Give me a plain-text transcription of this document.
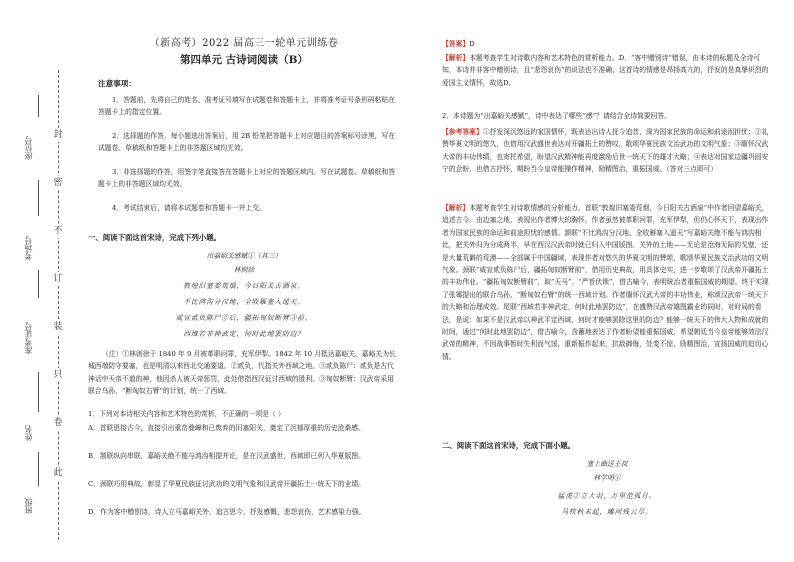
封
密
不
订
装
只
卷
此
座位号
考场号
准考证号
姓名
班级
（新高考）2022 届高三一轮单元训练卷
第四单元 古诗词阅读（B）
注意事项：
1．答题前，先将自己的姓名、准考证号填写在试题卷和答题卡上，并将准考证号条形码粘贴在答题卡上的指定位置。
2．选择题的作答，每小题选出答案后，用 2B 铅笔把答题卡上对应题目的答案标号涂黑，写在试题卷、草稿纸和答题卡上的非答题区域均无效。
3．非选择题的作答，用签字笔直接答在答题卡上对应的答题区域内。写在试题卷、草稿纸和答题卡上的非答题区域均无效。
4．考试结束后，请将本试题卷和答题卡一并上交。
一、阅读下面这首宋诗，完成下列小题。
出嘉峪关感赋①（其三）
林则徐
敦煌旧塞委荒烟，今日阳关古酒泉。
不比鸿沟分汉地，全收雁塞入遥天。
威宣贰负陈尸②后，疆拓匈奴断臂③前。
西域若非神武定，何时此地罢防边？
（注）①林则徐于 1840 年 9 月被革职问罪，充军伊犁。1842 年 10 月抵达嘉峪关，嘉峪关为长城西端防守要塞，也是明清以来西北交通要道。②贰负，代指关外西域之地。③贰负陈尸：贰负是古代神话中天帝不道的神，他因杀人被天帝惩罚，此处借指西汉征讨西域的胜利。③匈奴断臂：汉武帝采用联合乌孙、“断匈奴右臂”的计划，统一了西域。
1．下列对本诗相关内容和艺术特色的赏析，不正确的一项是（ ）
A．首联思接古今，直接引出重峦叠嶂和已废弃的旧塞阳关，奠定了沉郁厚重的历史沧桑感。
B．颔联纵向串联，嘉峪关绝不能与鸿沟相提并论，是在汉武盛世，西域即已列入华夏版图。
C．颈联巧用典故，彰显了华夏民族征讨武功的文明气象和汉武帝开疆拓土一统天下的业绩。
D．作为客中赠别诗，诗人立马嘉峪关外，追古思今，抒发感慨，悲怨哀伤，艺术感染力强。
【答案】D
【解析】本题考查学生对诗歌内容和艺术特色的赏析能力。D．“客中赠别诗”错误，由本诗的标题及全诗可知，本诗并非客中赠别诗，且“悲怨哀伤”的说法也不准确，这首诗的情感是昂扬高亢的，抒发的是真挚炽烈的爱国主义情怀，故选D。
2．本诗题为“出嘉峪关感赋”，诗中表达了哪些“感”？请结合全诗简要回答。
【参考答案】①抒发深沉悠远的家国情怀，既表达出诗人抚今追昔，深为国家民族的命运和前途而担忧；②礼赞华夏文明的悠久，也借用汉武盛世表达对开疆拓土的赞叹，歌颂华夏民族文治武功的文明气象；③缅怀汉武大帝的丰功伟绩，也寄托希望，盼望汉武精神能再度激励后世一统天下的雄才大略；④表达对国家边疆巩固安宁的企盼，也借古抒怀，期盼当今皇帝能操作精神，励精图治，重振国威。（答对三点即可）
【解析】本题考查学生对诗歌情感的分析能力。首联“敦煌旧塞委荒烟，今日阳关古酒泉”中作者回望嘉峪关，追述古今。由边塞之地，表现出作者博大的胸怀，作者虽然被革职问罪，充军伊犁，但仍心怀天下，表现出作者为国家民族的命运和前途担忧的感情。颔联“不比鸿沟分汉地，全收雁塞入遥天”写嘉峪关绝不能与鸿沟相比，把关外归为分成两半，早在西汉汉武帝时就已归入中国版图。关外的土地——无论是沧海无际的戈壁，还是大量荒僻的荒漠——全部属于中国疆域，表现作者对悠久的华夏文明的赞颂，歌颂华夏民族文治武功的文明气象。颈联“威宣贰负陈尸后，疆拓匈奴断臂前”，借用历史典故，用具体史实，进一步歌颂了汉武帝开疆拓土的丰功伟业。“疆拓匈奴断臂前”，取“天马”、“严旨伏锁”，借古喻今，表明统治者重振国威的期望。终于实现了张骞提出的联合乌孙、“断匈奴右臂”的统一西域计划。作者缅怀汉武大帝的丰功伟业，称颂汉武帝一统天下的大略和治理成效。尾联“西域若非神武定，何时此地罢防边”，在盛赞汉武帝雄图霸业的同时，对时局的看法，是说：如果不是汉武帝以神武平定西域，何时才能够罢除这里的防边？能够一统天下的伟大人物和成就的时间，通过“何时此地罢防边”，借古喻今，含蓄地表达了作者盼望能重振国威，希望朝廷当今皇帝能够效法汉武帝的精神，不因战事暂时失利而气馁，重新振作起来，抗敌御侮，处变不惊，励精图治，宣扬国威的迫切心情。
二、阅读下面这首宋诗，完成下面小题。
塞上曲送王叔
林学明①
猛虎②立大羽，万里范孤月。
马牧秋未起，雕河残云尽。
